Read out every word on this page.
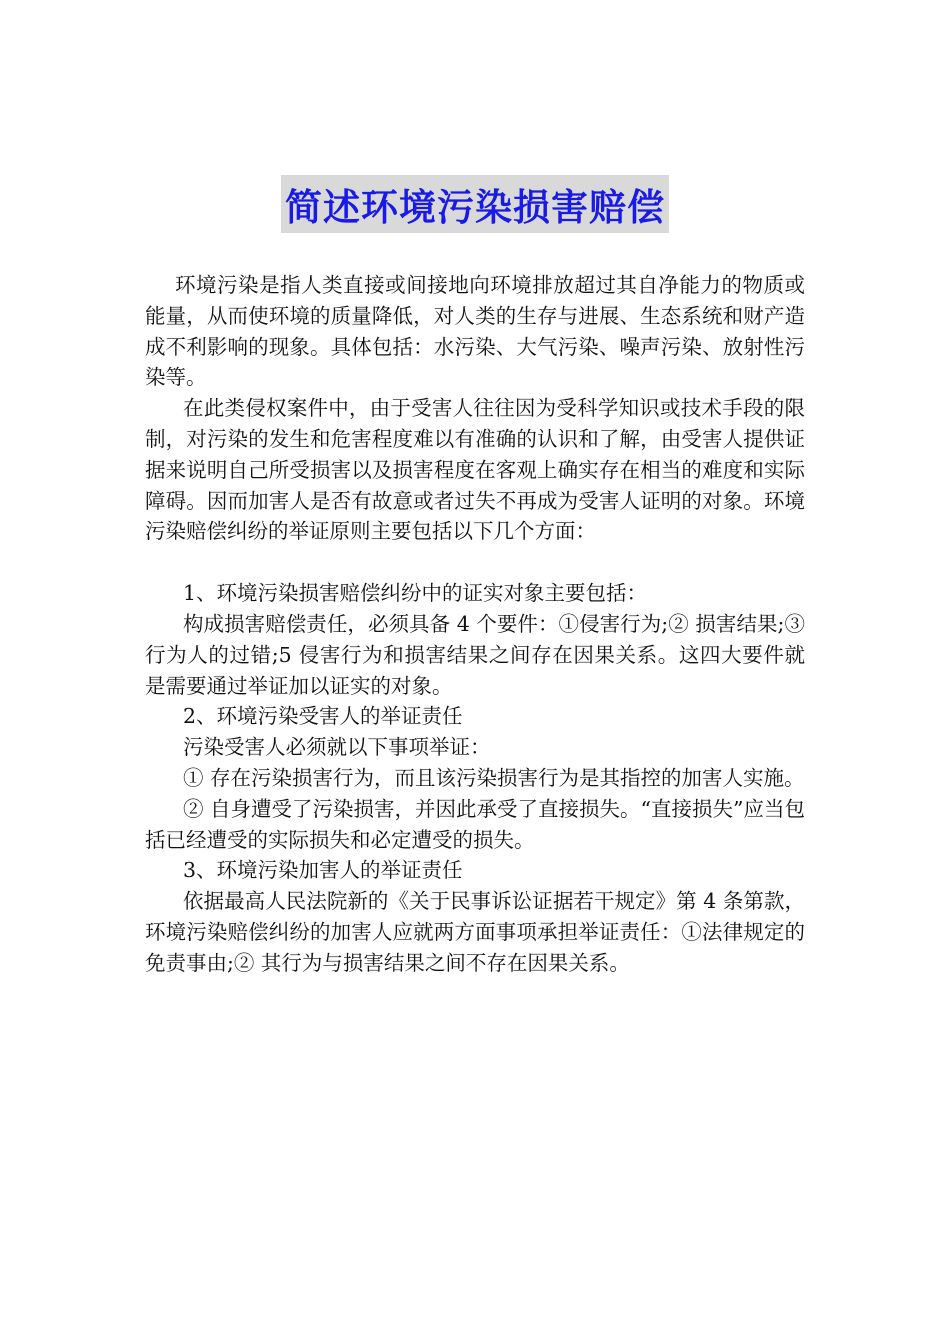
简述环境污染损害赔偿

环境污染是指人类直接或间接地向环境排放超过其自净能力的物质或能量，从而使环境的质量降低，对人类的生存与进展、生态系统和财产造成不利影响的现象。具体包括：水污染、大气污染、噪声污染、放射性污染等。

在此类侵权案件中，由于受害人往往因为受科学知识或技术手段的限制，对污染的发生和危害程度难以有准确的认识和了解，由受害人提供证据来说明自己所受损害以及损害程度在客观上确实存在相当的难度和实际障碍。因而加害人是否有故意或者过失不再成为受害人证明的对象。环境污染赔偿纠纷的举证原则主要包括以下几个方面：

1、环境污染损害赔偿纠纷中的证实对象主要包括：

构成损害赔偿责任，必须具备 4 个要件：①侵害行为;② 损害结果;③ 行为人的过错;5 侵害行为和损害结果之间存在因果关系。这四大要件就是需要通过举证加以证实的对象。

2、环境污染受害人的举证责任

污染受害人必须就以下事项举证：

① 存在污染损害行为，而且该污染损害行为是其指控的加害人实施。

② 自身遭受了污染损害，并因此承受了直接损失。“直接损失”应当包括已经遭受的实际损失和必定遭受的损失。

3、环境污染加害人的举证责任

依据最高人民法院新的《关于民事诉讼证据若干规定》第 4 条第款，环境污染赔偿纠纷的加害人应就两方面事项承担举证责任：①法律规定的免责事由;② 其行为与损害结果之间不存在因果关系。
